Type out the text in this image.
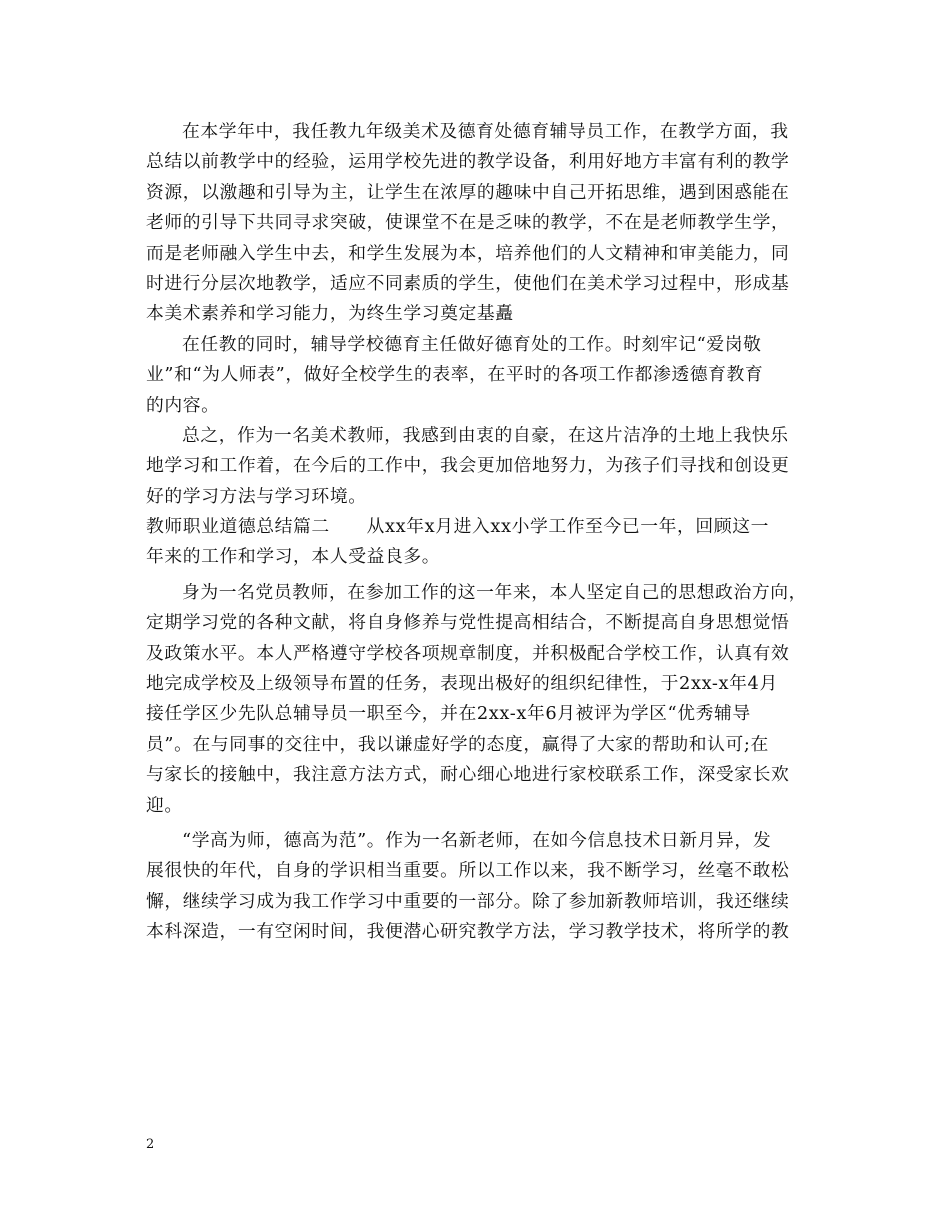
在本学年中，我任教九年级美术及德育处德育辅导员工作，在教学方面，我
总结以前教学中的经验，运用学校先进的教学设备，利用好地方丰富有利的教学
资源，以激趣和引导为主，让学生在浓厚的趣味中自己开拓思维，遇到困惑能在
老师的引导下共同寻求突破，使课堂不在是乏味的教学，不在是老师教学生学，
而是老师融入学生中去，和学生发展为本，培养他们的人文精神和审美能力，同
时进行分层次地教学，适应不同素质的学生，使他们在美术学习过程中，形成基
本美术素养和学习能力，为终生学习奠定基矗
在任教的同时，辅导学校德育主任做好德育处的工作。时刻牢记“爱岗敬
业”和“为人师表”，做好全校学生的表率，在平时的各项工作都渗透德育教育
的内容。
总之，作为一名美术教师，我感到由衷的自豪，在这片洁净的土地上我快乐
地学习和工作着，在今后的工作中，我会更加倍地努力，为孩子们寻找和创设更
好的学习方法与学习环境。
教师职业道德总结篇二　　从xx年x月进入xx小学工作至今已一年，回顾这一
年来的工作和学习，本人受益良多。
身为一名党员教师，在参加工作的这一年来，本人坚定自己的思想政治方向，
定期学习党的各种文献，将自身修养与党性提高相结合，不断提高自身思想觉悟
及政策水平。本人严格遵守学校各项规章制度，并积极配合学校工作，认真有效
地完成学校及上级领导布置的任务，表现出极好的组织纪律性，于2xx-x年4月
接任学区少先队总辅导员一职至今，并在2xx-x年6月被评为学区“优秀辅导
员”。在与同事的交往中，我以谦虚好学的态度，赢得了大家的帮助和认可;在
与家长的接触中，我注意方法方式，耐心细心地进行家校联系工作，深受家长欢
迎。
“学高为师，德高为范”。作为一名新老师，在如今信息技术日新月异，发
展很快的年代，自身的学识相当重要。所以工作以来，我不断学习，丝毫不敢松
懈，继续学习成为我工作学习中重要的一部分。除了参加新教师培训，我还继续
本科深造，一有空闲时间，我便潜心研究教学方法，学习教学技术，将所学的教
2
